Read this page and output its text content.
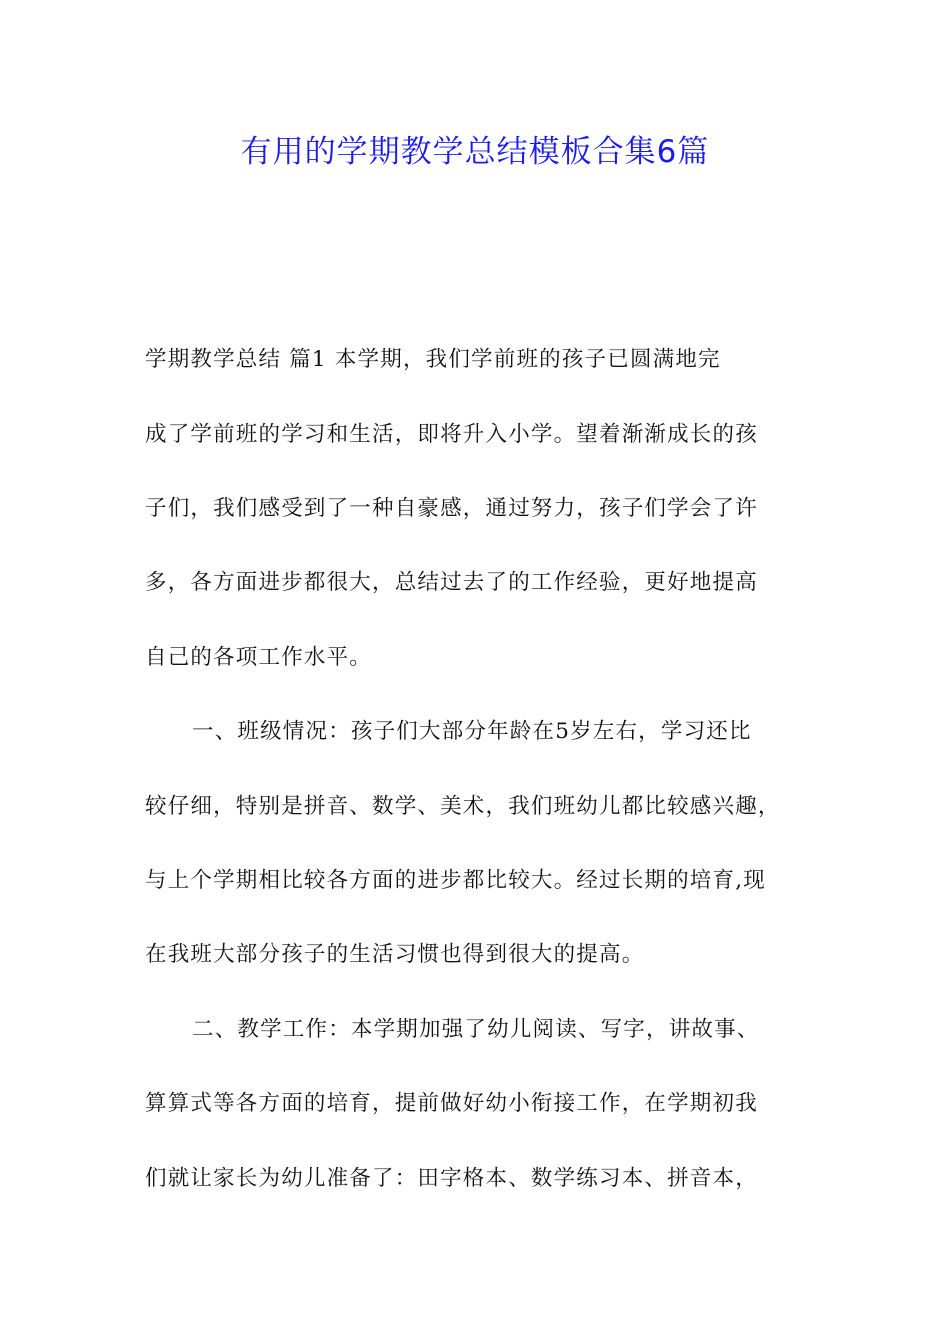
有用的学期教学总结模板合集6篇
学期教学总结 篇1 本学期，我们学前班的孩子已圆满地完
成了学前班的学习和生活，即将升入小学。望着渐渐成长的孩
子们，我们感受到了一种自豪感，通过努力，孩子们学会了许
多，各方面进步都很大，总结过去了的工作经验，更好地提高
自己的各项工作水平。
一、班级情况：孩子们大部分年龄在5岁左右，学习还比
较仔细，特别是拼音、数学、美术，我们班幼儿都比较感兴趣，
与上个学期相比较各方面的进步都比较大。经过长期的培育,现
在我班大部分孩子的生活习惯也得到很大的提高。
二、教学工作：本学期加强了幼儿阅读、写字，讲故事、
算算式等各方面的培育，提前做好幼小衔接工作，在学期初我
们就让家长为幼儿准备了：田字格本、数学练习本、拼音本，
